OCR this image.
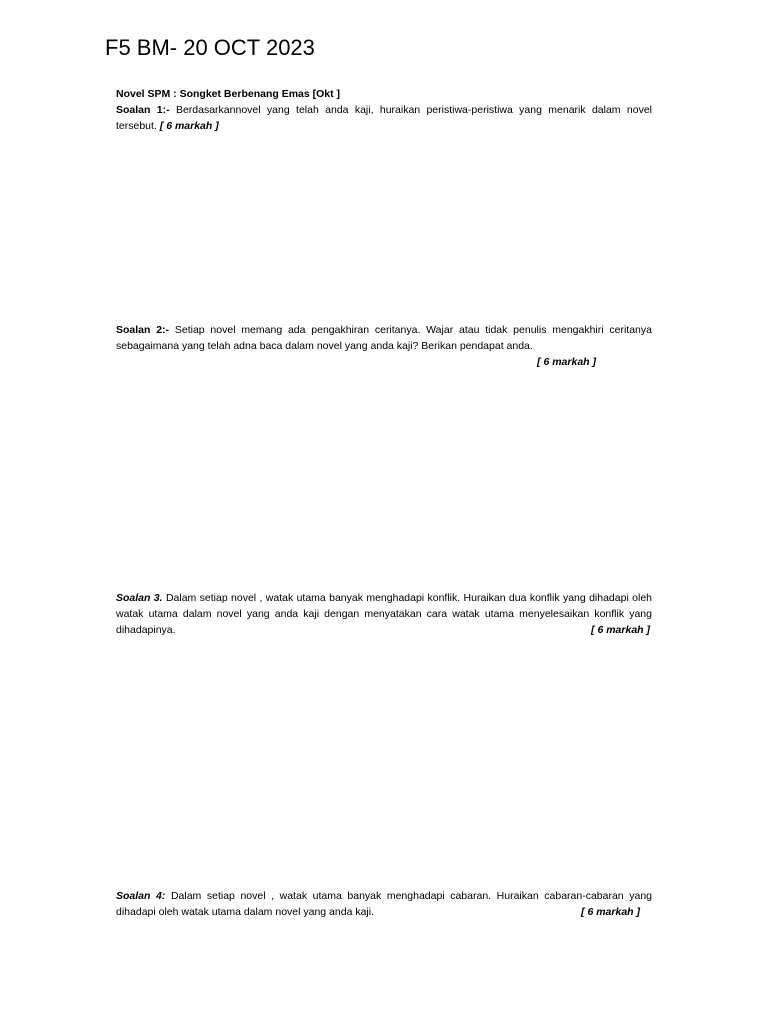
F5 BM- 20 OCT 2023
Novel SPM : Songket Berbenang Emas [Okt ]
Soalan 1:- Berdasarkannovel yang telah anda kaji, huraikan peristiwa-peristiwa yang menarik dalam novel tersebut. [ 6 markah ]
Soalan 2:- Setiap novel memang ada pengakhiran ceritanya. Wajar atau tidak penulis mengakhiri ceritanya sebagaimana yang telah adna baca dalam novel yang anda kaji? Berikan pendapat anda.
[ 6 markah ]
Soalan 3. Dalam setiap novel , watak utama banyak menghadapi konflik. Huraikan dua konflik yang dihadapi oleh watak utama dalam novel yang anda kaji dengan menyatakan cara watak utama menyelesaikan konflik yang dihadapinya.	[ 6 markah ]
Soalan 4: Dalam setiap novel , watak utama banyak menghadapi cabaran. Huraikan cabaran-cabaran yang dihadapi oleh watak utama dalam novel yang anda kaji.	[ 6 markah ]
